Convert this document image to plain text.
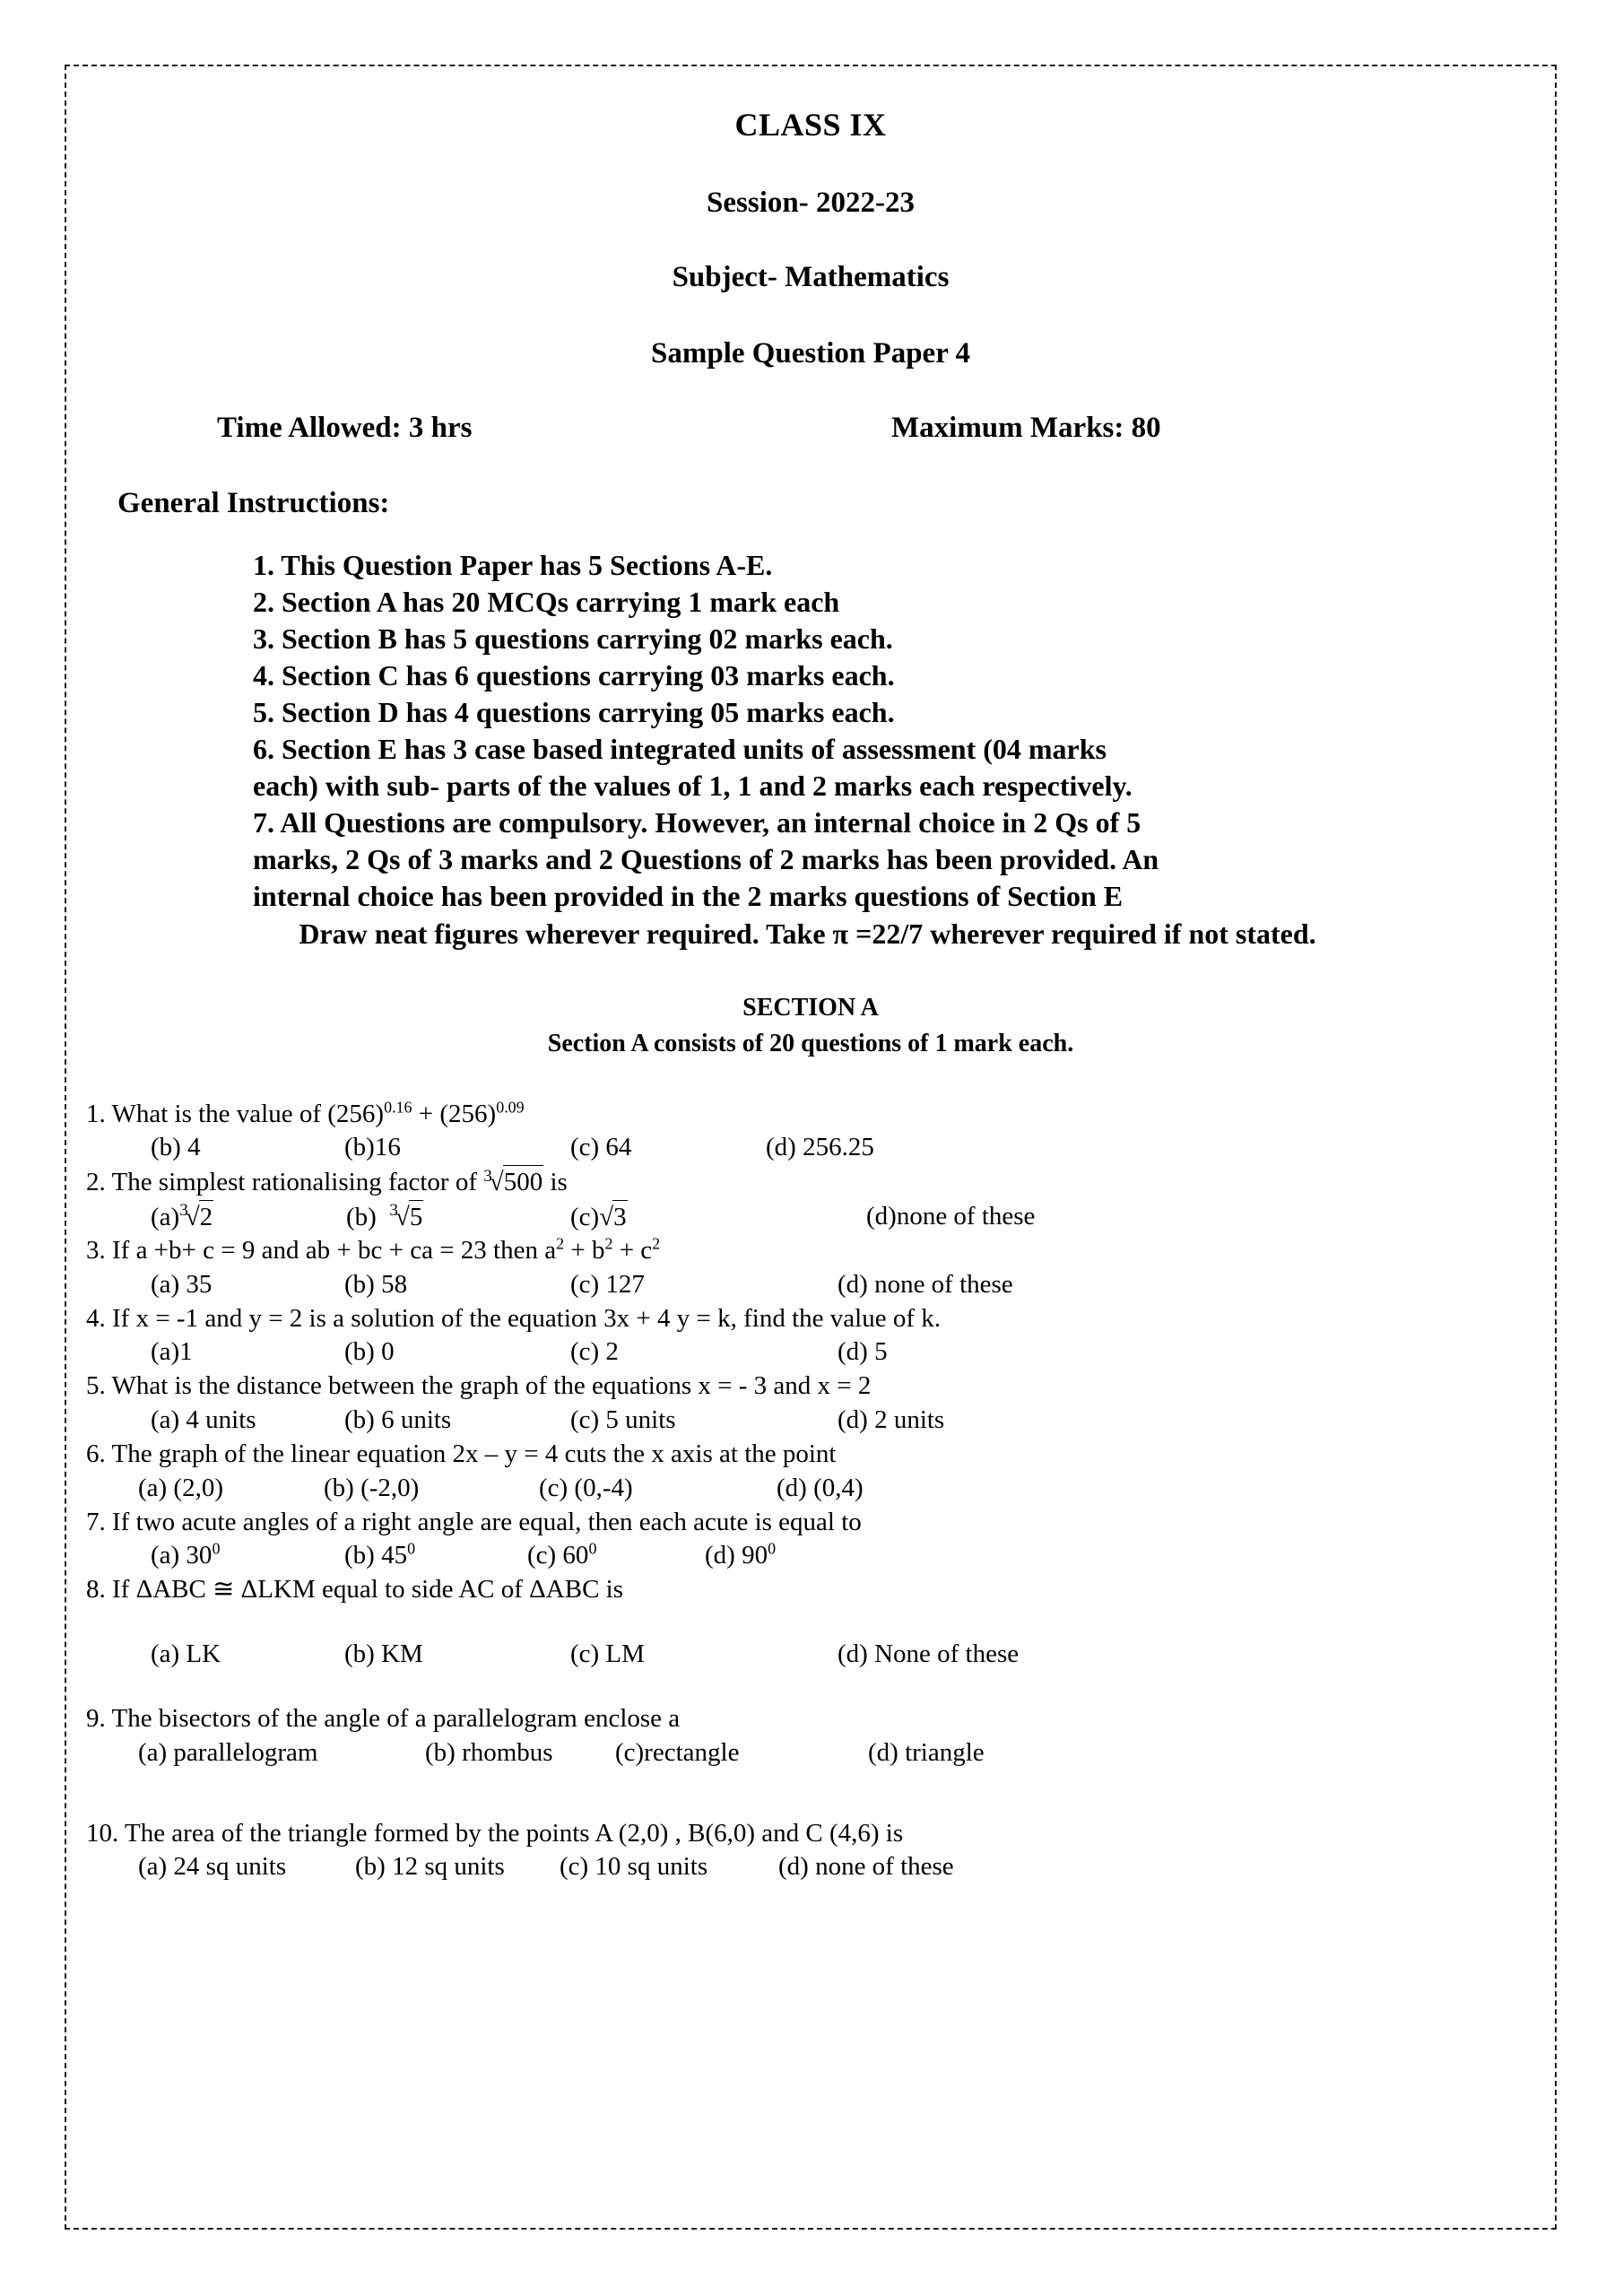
CLASS IX
Session- 2022-23
Subject- Mathematics
Sample Question Paper 4
Time Allowed: 3 hrs	Maximum Marks: 80
General Instructions:

1. This Question Paper has 5 Sections A-E.

2. Section A has 20 MCQs carrying 1 mark each

3. Section B has 5 questions carrying 02 marks each.

4. Section C has 6 questions carrying 03 marks each.

5. Section D has 4 questions carrying 05 marks each.

6. Section E has 3 case based integrated units of assessment (04 marks each) with sub- parts of the values of 1, 1 and 2 marks each respectively.

7. All Questions are compulsory. However, an internal choice in 2 Qs of 5 marks, 2 Qs of 3 marks and 2 Questions of 2 marks has been provided. An internal choice has been provided in the 2 marks questions of Section E

Draw neat figures wherever required. Take π =22/7 wherever required if not stated.
SECTION A
Section A consists of 20 questions of 1 mark each.
1. What is the value of $(256)^{0.16} + (256)^{0.09}$
(b) 4	(b)16	(c) 64	(d) 256.25
2. The simplest rationalising factor of $^3$√500 is
$(a)^3√2$	(b) $^3$√5	(c)√3	(d)none of these
3. If a +b+ c = 9 and ab + bc + ca = 23 then $a^2 + b^2 + c^2$
(a) 35	(b) 58	(c) 127	(d) none of these
4. If x = -1 and y = 2 is a solution of the equation 3x + 4 y = k, find the value of k.
(a)1	(b) 0	(c) 2	(d) 5
5. What is the distance between the graph of the equations x = - 3 and x = 2
(a) 4 units	(b) 6 units	(c) 5 units	(d) 2 units
6. The graph of the linear equation 2x – y = 4 cuts the x axis at the point
(a) (2,0)	(b) (-2,0)	(c) (0,-4)	(d) (0,4)
7. If two acute angles of a right angle are equal, then each acute is equal to
(a) $30^0$	(b) $45^0$	(c) $60^0$	(d) $90^0$
8. If ΔABC ≅ ΔLKM equal to side AC of ΔABC is
(a) LK	(b) KM	(c) LM	(d) None of these
9. The bisectors of the angle of a parallelogram enclose a
(a) parallelogram	(b) rhombus (c)rectangle	(d) triangle
10. The area of the triangle formed by the points A (2,0) , B(6,0) and C (4,6) is
(a) 24 sq units	(b) 12 sq units (c) 10 sq units	(d) none of these
